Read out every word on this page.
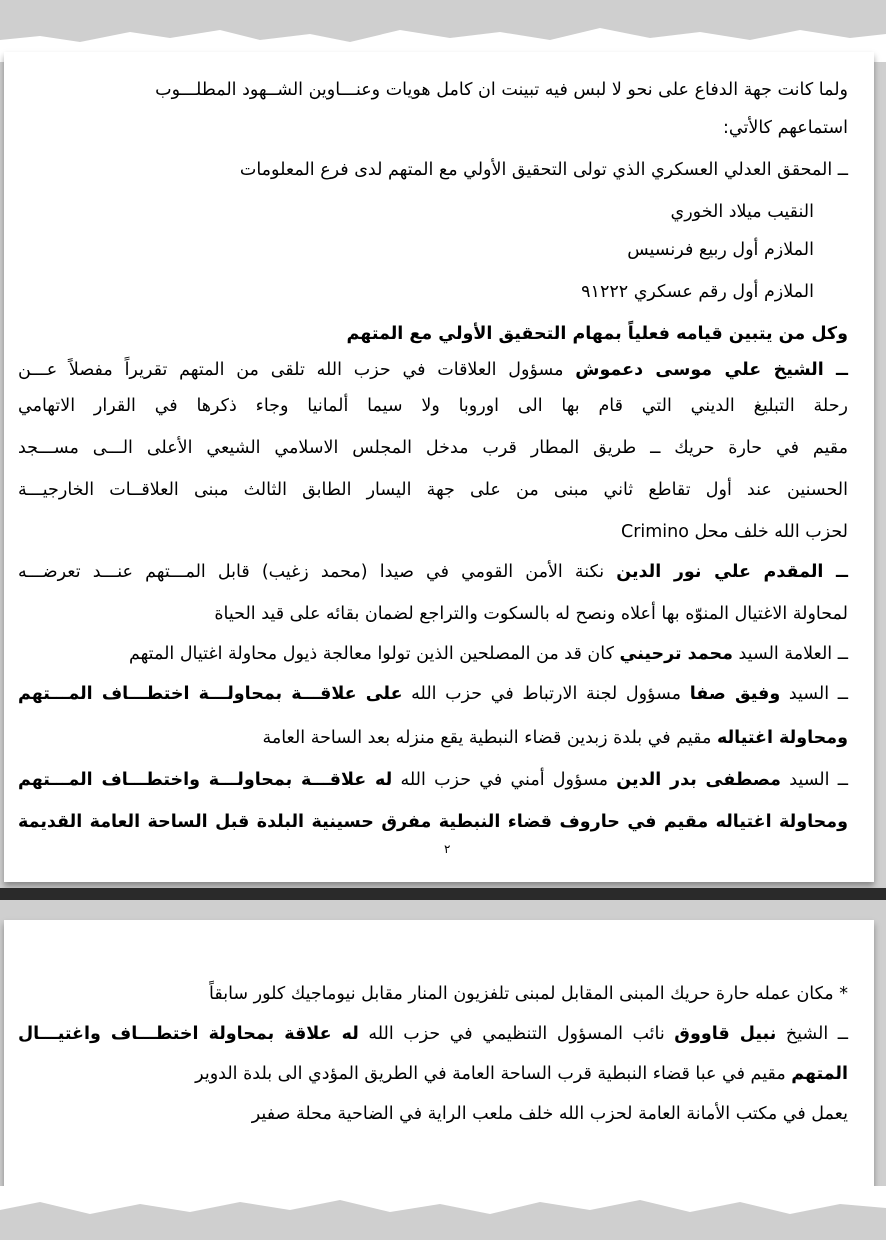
ولما كانت جهة الدفاع على نحو لا لبس فيه تبينت ان كامل هويات وعنـــاوين الشــهود المطلـــوب
استماعهم كالأتي:
ــ المحقق العدلي العسكري الذي تولى التحقيق الأولي مع المتهم لدى فرع المعلومات
النقيب ميلاد الخوري
الملازم أول ربيع فرنسيس
الملازم أول رقم عسكري ٩١٢٢٢
وكل من يتبين قيامه فعلياً بمهام التحقيق الأولي مع المتهم
ــ الشيخ علي موسى دعموش مسؤول العلاقات في حزب الله تلقى من المتهم تقريراً مفصلاً عـــن
رحلة التبليغ الديني التي قام بها الى اوروبا ولا سيما ألمانيا وجاء ذكرها في القرار الاتهامي
مقيم في حارة حريك ــ طريق المطار قرب مدخل المجلس الاسلامي الشيعي الأعلى الـــى مســـجد
الحسنين عند أول تقاطع ثاني مبنى من على جهة اليسار الطابق الثالث مبنى العلاقــات الخارجيـــة
لحزب الله خلف محل Crimino
ــ المقدم علي نور الدين نكنة الأمن القومي في صيدا (محمد زغيب) قابل المـــتهم عنـــد تعرضـــه
لمحاولة الاغتيال المنوّه بها أعلاه ونصح له بالسكوت والتراجع لضمان بقائه على قيد الحياة
ــ العلامة السيد محمد ترحيني كان قد من المصلحين الذين تولوا معالجة ذيول محاولة اغتيال المتهم
ــ السيد وفيق صفا مسؤول لجنة الارتباط في حزب الله على علاقـــة بمحاولـــة اختطـــاف المـــتهم
ومحاولة اغتياله مقيم في بلدة زبدين قضاء النبطية يقع منزله بعد الساحة العامة
ــ السيد مصطفى بدر الدين مسؤول أمني في حزب الله له علاقـــة بمحاولـــة واختطـــاف المـــتهم
ومحاولة اغتياله مقيم في حاروف قضاء النبطية مفرق حسينية البلدة قبل الساحة العامة القديمة
٢
* مكان عمله حارة حريك المبنى المقابل لمبنى تلفزيون المنار مقابل نيوماجيك كلور سابقاً
ــ الشيخ نبيل قاووق نائب المسؤول التنظيمي في حزب الله له علاقة بمحاولة اختطـــاف واغتيـــال
المتهم مقيم في عبا قضاء النبطية قرب الساحة العامة في الطريق المؤدي الى بلدة الدوير
يعمل في مكتب الأمانة العامة لحزب الله خلف ملعب الراية في الضاحية محلة صفير
